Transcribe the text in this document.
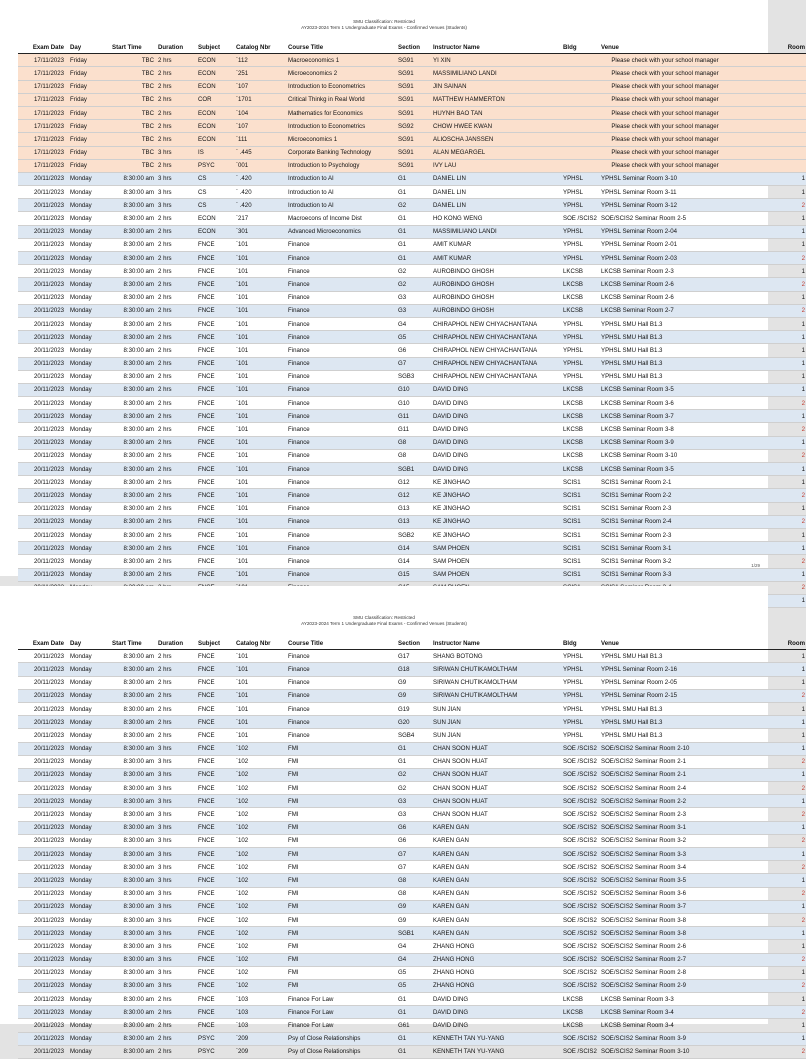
SMU Classification: Restricted
AY2023-2024 Term 1 Undergraduate Final Exams - Confirmed Venues (Students)
Exam Date	Day	Start Time	Duration	Subject	Catalog Nbr	Course Title	Section	Instructor Name	Bldg	Venue	Room
17/11/2023	Friday	TBC	2 hrs	ECON	`112	Macroeconomics 1	SG91	YI XIN		Please check with your school manager	
17/11/2023	Friday	TBC	2 hrs	ECON	`251	Microeconomics 2	SG91	MASSIMILIANO LANDI		Please check with your school manager	
17/11/2023	Friday	TBC	2 hrs	ECON	`107	Introduction to Econometrics	SG91	JIN SAINAN		Please check with your school manager	
17/11/2023	Friday	TBC	2 hrs	COR	`1701	Critical Thinkg in Real World	SG91	MATTHEW HAMMERTON		Please check with your school manager	
17/11/2023	Friday	TBC	2 hrs	ECON	`104	Mathematics for Economics	SG91	HUYNH BAO TAN		Please check with your school manager	
17/11/2023	Friday	TBC	2 hrs	ECON	`107	Introduction to Econometrics	SG92	CHOW HWEE KWAN		Please check with your school manager	
17/11/2023	Friday	TBC	2 hrs	ECON	`111	Microeconomics 1	SG91	ALIOSCHA JANSSEN		Please check with your school manager	
17/11/2023	Friday	TBC	3 hrs	IS	` .445	Corporate Banking Technology	SG91	ALAN MEGARGEL		Please check with your school manager	
17/11/2023	Friday	TBC	2 hrs	PSYC	`001	Introduction to Psychology	SG91	IVY LAU		Please check with your school manager	
20/11/2023	Monday	8:30:00 am	3 hrs	CS	` .420	Introduction to AI	G1	DANIEL LIN	YPHSL	YPHSL Seminar Room 3-10	1
20/11/2023	Monday	8:30:00 am	3 hrs	CS	` .420	Introduction to AI	G1	DANIEL LIN	YPHSL	YPHSL Seminar Room 3-11	1
20/11/2023	Monday	8:30:00 am	3 hrs	CS	` .420	Introduction to AI	G2	DANIEL LIN	YPHSL	YPHSL Seminar Room 3-12	2
20/11/2023	Monday	8:30:00 am	2 hrs	ECON	`217	Macroecons of Income Dist	G1	HO KONG WENG	SOE /SCIS2	SOE/SCIS2 Seminar Room 2-5	1
20/11/2023	Monday	8:30:00 am	2 hrs	ECON	`301	Advanced Microeconomics	G1	MASSIMILIANO LANDI	YPHSL	YPHSL Seminar Room 2-04	1
20/11/2023	Monday	8:30:00 am	2 hrs	FNCE	`101	Finance	G1	AMIT KUMAR	YPHSL	YPHSL Seminar Room 2-01	1
20/11/2023	Monday	8:30:00 am	2 hrs	FNCE	`101	Finance	G1	AMIT KUMAR	YPHSL	YPHSL Seminar Room 2-03	2
20/11/2023	Monday	8:30:00 am	2 hrs	FNCE	`101	Finance	G2	AUROBINDO GHOSH	LKCSB	LKCSB Seminar Room 2-3	1
20/11/2023	Monday	8:30:00 am	2 hrs	FNCE	`101	Finance	G2	AUROBINDO GHOSH	LKCSB	LKCSB Seminar Room 2-6	2
20/11/2023	Monday	8:30:00 am	2 hrs	FNCE	`101	Finance	G3	AUROBINDO GHOSH	LKCSB	LKCSB Seminar Room 2-6	1
20/11/2023	Monday	8:30:00 am	2 hrs	FNCE	`101	Finance	G3	AUROBINDO GHOSH	LKCSB	LKCSB Seminar Room 2-7	2
20/11/2023	Monday	8:30:00 am	2 hrs	FNCE	`101	Finance	G4	CHIRAPHOL NEW CHIYACHANTANA	YPHSL	YPHSL SMU Hall B1.3	1
20/11/2023	Monday	8:30:00 am	2 hrs	FNCE	`101	Finance	G5	CHIRAPHOL NEW CHIYACHANTANA	YPHSL	YPHSL SMU Hall B1.3	1
20/11/2023	Monday	8:30:00 am	2 hrs	FNCE	`101	Finance	G6	CHIRAPHOL NEW CHIYACHANTANA	YPHSL	YPHSL SMU Hall B1.3	1
20/11/2023	Monday	8:30:00 am	2 hrs	FNCE	`101	Finance	G7	CHIRAPHOL NEW CHIYACHANTANA	YPHSL	YPHSL SMU Hall B1.3	1
20/11/2023	Monday	8:30:00 am	2 hrs	FNCE	`101	Finance	SGB3	CHIRAPHOL NEW CHIYACHANTANA	YPHSL	YPHSL SMU Hall B1.3	1
20/11/2023	Monday	8:30:00 am	2 hrs	FNCE	`101	Finance	G10	DAVID DING	LKCSB	LKCSB Seminar Room 3-5	1
20/11/2023	Monday	8:30:00 am	2 hrs	FNCE	`101	Finance	G10	DAVID DING	LKCSB	LKCSB Seminar Room 3-6	2
20/11/2023	Monday	8:30:00 am	2 hrs	FNCE	`101	Finance	G11	DAVID DING	LKCSB	LKCSB Seminar Room 3-7	1
20/11/2023	Monday	8:30:00 am	2 hrs	FNCE	`101	Finance	G11	DAVID DING	LKCSB	LKCSB Seminar Room 3-8	2
20/11/2023	Monday	8:30:00 am	2 hrs	FNCE	`101	Finance	G8	DAVID DING	LKCSB	LKCSB Seminar Room 3-9	1
20/11/2023	Monday	8:30:00 am	2 hrs	FNCE	`101	Finance	G8	DAVID DING	LKCSB	LKCSB Seminar Room 3-10	2
20/11/2023	Monday	8:30:00 am	2 hrs	FNCE	`101	Finance	SGB1	DAVID DING	LKCSB	LKCSB Seminar Room 3-5	1
20/11/2023	Monday	8:30:00 am	2 hrs	FNCE	`101	Finance	G12	KE JINGHAO	SCIS1	SCIS1 Seminar Room 2-1	1
20/11/2023	Monday	8:30:00 am	2 hrs	FNCE	`101	Finance	G12	KE JINGHAO	SCIS1	SCIS1 Seminar Room 2-2	2
20/11/2023	Monday	8:30:00 am	2 hrs	FNCE	`101	Finance	G13	KE JINGHAO	SCIS1	SCIS1 Seminar Room 2-3	1
20/11/2023	Monday	8:30:00 am	2 hrs	FNCE	`101	Finance	G13	KE JINGHAO	SCIS1	SCIS1 Seminar Room 2-4	2
20/11/2023	Monday	8:30:00 am	2 hrs	FNCE	`101	Finance	SGB2	KE JINGHAO	SCIS1	SCIS1 Seminar Room 2-3	1
20/11/2023	Monday	8:30:00 am	2 hrs	FNCE	`101	Finance	G14	SAM PHOEN	SCIS1	SCIS1 Seminar Room 3-1	1
20/11/2023	Monday	8:30:00 am	2 hrs	FNCE	`101	Finance	G14	SAM PHOEN	SCIS1	SCIS1 Seminar Room 3-2	2
20/11/2023	Monday	8:30:00 am	2 hrs	FNCE	`101	Finance	G15	SAM PHOEN	SCIS1	SCIS1 Seminar Room 3-3	1
											2
											1
1/29
SMU Classification: Restricted
AY2023-2024 Term 1 Undergraduate Final Exams - Confirmed Venues (Students)
Exam Date	Day	Start Time	Duration	Subject	Catalog Nbr	Course Title	Section	Instructor Name	Bldg	Venue	Room
20/11/2023	Monday	8:30:00 am	2 hrs	FNCE	`101	Finance	G17	SHANG BOTONG	YPHSL	YPHSL SMU Hall B1.3	1
20/11/2023	Monday	8:30:00 am	2 hrs	FNCE	`101	Finance	G18	SIRIWAN CHUTIKAMOLTHAM	YPHSL	YPHSL Seminar Room 2-16	1
20/11/2023	Monday	8:30:00 am	2 hrs	FNCE	`101	Finance	G9	SIRIWAN CHUTIKAMOLTHAM	YPHSL	YPHSL Seminar Room 2-05	1
20/11/2023	Monday	8:30:00 am	2 hrs	FNCE	`101	Finance	G9	SIRIWAN CHUTIKAMOLTHAM	YPHSL	YPHSL Seminar Room 2-15	2
20/11/2023	Monday	8:30:00 am	2 hrs	FNCE	`101	Finance	G19	SUN JIAN	YPHSL	YPHSL SMU Hall B1.3	1
20/11/2023	Monday	8:30:00 am	2 hrs	FNCE	`101	Finance	G20	SUN JIAN	YPHSL	YPHSL SMU Hall B1.3	1
20/11/2023	Monday	8:30:00 am	2 hrs	FNCE	`101	Finance	SGB4	SUN JIAN	YPHSL	YPHSL SMU Hall B1.3	1
20/11/2023	Monday	8:30:00 am	3 hrs	FNCE	`102	FMI	G1	CHAN SOON HUAT	SOE /SCIS2	SOE/SCIS2 Seminar Room 2-10	1
20/11/2023	Monday	8:30:00 am	3 hrs	FNCE	`102	FMI	G1	CHAN SOON HUAT	SOE /SCIS2	SOE/SCIS2 Seminar Room 2-1	2
20/11/2023	Monday	8:30:00 am	3 hrs	FNCE	`102	FMI	G2	CHAN SOON HUAT	SOE /SCIS2	SOE/SCIS2 Seminar Room 2-1	1
20/11/2023	Monday	8:30:00 am	3 hrs	FNCE	`102	FMI	G2	CHAN SOON HUAT	SOE /SCIS2	SOE/SCIS2 Seminar Room 2-4	2
20/11/2023	Monday	8:30:00 am	3 hrs	FNCE	`102	FMI	G3	CHAN SOON HUAT	SOE /SCIS2	SOE/SCIS2 Seminar Room 2-2	1
20/11/2023	Monday	8:30:00 am	3 hrs	FNCE	`102	FMI	G3	CHAN SOON HUAT	SOE /SCIS2	SOE/SCIS2 Seminar Room 2-3	2
20/11/2023	Monday	8:30:00 am	3 hrs	FNCE	`102	FMI	G6	KAREN GAN	SOE /SCIS2	SOE/SCIS2 Seminar Room 3-1	1
20/11/2023	Monday	8:30:00 am	3 hrs	FNCE	`102	FMI	G6	KAREN GAN	SOE /SCIS2	SOE/SCIS2 Seminar Room 3-2	2
20/11/2023	Monday	8:30:00 am	3 hrs	FNCE	`102	FMI	G7	KAREN GAN	SOE /SCIS2	SOE/SCIS2 Seminar Room 3-3	1
20/11/2023	Monday	8:30:00 am	3 hrs	FNCE	`102	FMI	G7	KAREN GAN	SOE /SCIS2	SOE/SCIS2 Seminar Room 3-4	2
20/11/2023	Monday	8:30:00 am	3 hrs	FNCE	`102	FMI	G8	KAREN GAN	SOE /SCIS2	SOE/SCIS2 Seminar Room 3-5	1
20/11/2023	Monday	8:30:00 am	3 hrs	FNCE	`102	FMI	G8	KAREN GAN	SOE /SCIS2	SOE/SCIS2 Seminar Room 3-6	2
20/11/2023	Monday	8:30:00 am	3 hrs	FNCE	`102	FMI	G9	KAREN GAN	SOE /SCIS2	SOE/SCIS2 Seminar Room 3-7	1
20/11/2023	Monday	8:30:00 am	3 hrs	FNCE	`102	FMI	G9	KAREN GAN	SOE /SCIS2	SOE/SCIS2 Seminar Room 3-8	2
20/11/2023	Monday	8:30:00 am	3 hrs	FNCE	`102	FMI	SGB1	KAREN GAN	SOE /SCIS2	SOE/SCIS2 Seminar Room 3-8	1
20/11/2023	Monday	8:30:00 am	3 hrs	FNCE	`102	FMI	G4	ZHANG HONG	SOE /SCIS2	SOE/SCIS2 Seminar Room 2-6	1
20/11/2023	Monday	8:30:00 am	3 hrs	FNCE	`102	FMI	G4	ZHANG HONG	SOE /SCIS2	SOE/SCIS2 Seminar Room 2-7	2
20/11/2023	Monday	8:30:00 am	3 hrs	FNCE	`102	FMI	G5	ZHANG HONG	SOE /SCIS2	SOE/SCIS2 Seminar Room 2-8	1
20/11/2023	Monday	8:30:00 am	3 hrs	FNCE	`102	FMI	G5	ZHANG HONG	SOE /SCIS2	SOE/SCIS2 Seminar Room 2-9	2
20/11/2023	Monday	8:30:00 am	2 hrs	FNCE	`103	Finance For Law	G1	DAVID DING	LKCSB	LKCSB Seminar Room 3-3	1
20/11/2023	Monday	8:30:00 am	2 hrs	FNCE	`103	Finance For Law	G1	DAVID DING	LKCSB	LKCSB Seminar Room 3-4	2
20/11/2023	Monday	8:30:00 am	2 hrs	FNCE	`103	Finance For Law	G61	DAVID DING	LKCSB	LKCSB Seminar Room 3-4	1
20/11/2023	Monday	8:30:00 am	2 hrs	PSYC	`209	Psy of Close Relationships	G1	KENNETH TAN YU-YANG	SOE /SCIS2	SOE/SCIS2 Seminar Room 3-9	1
20/11/2023	Monday	8:30:00 am	2 hrs	PSYC	`209	Psy of Close Relationships	G1	KENNETH TAN YU-YANG	SOE /SCIS2	SOE/SCIS2 Seminar Room 3-10	2
